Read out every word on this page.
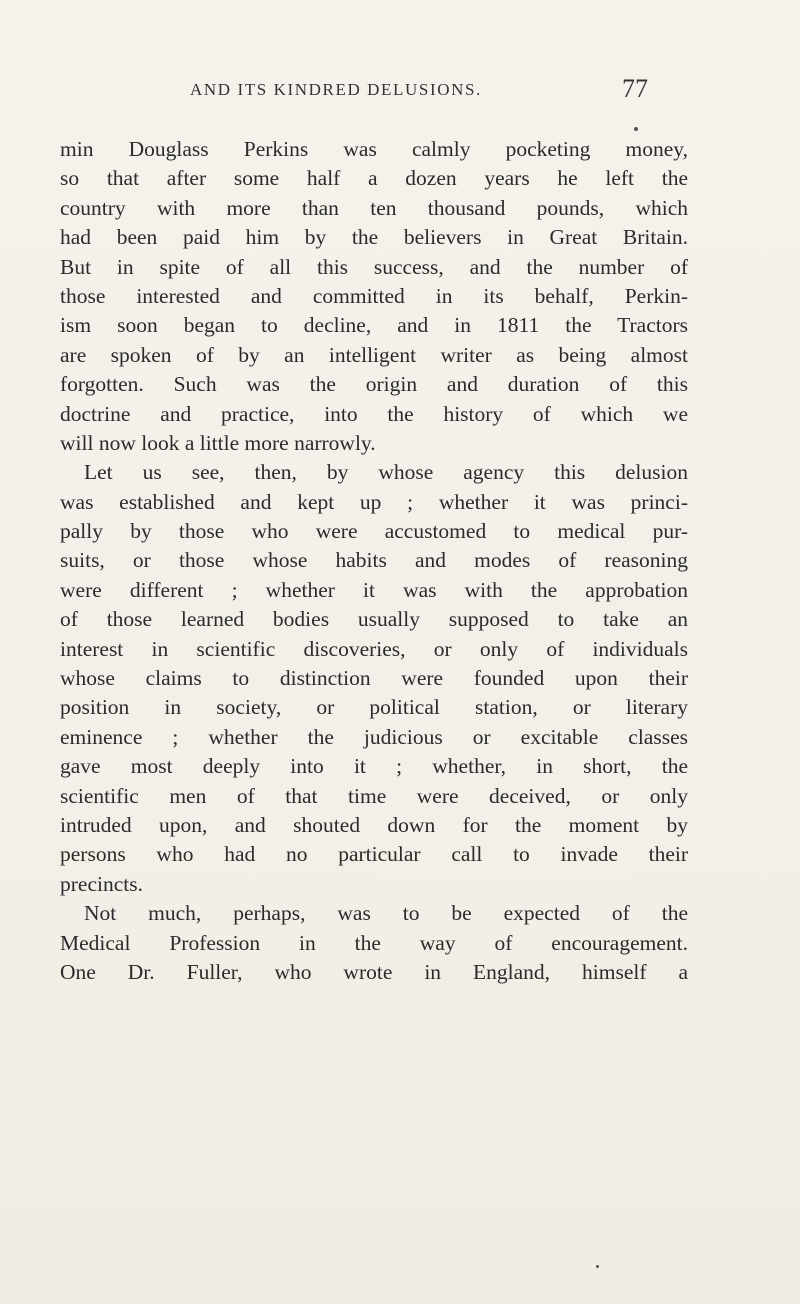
AND ITS KINDRED DELUSIONS.	77
min Douglass Perkins was calmly pocketing money,
so that after some half a dozen years he left the
country with more than ten thousand pounds, which
had been paid him by the believers in Great Britain.
But in spite of all this success, and the number of
those interested and committed in its behalf, Perkin-
ism soon began to decline, and in 1811 the Tractors
are spoken of by an intelligent writer as being almost
forgotten. Such was the origin and duration of this
doctrine and practice, into the history of which we
will now look a little more narrowly.
Let us see, then, by whose agency this delusion
was established and kept up ; whether it was princi-
pally by those who were accustomed to medical pur-
suits, or those whose habits and modes of reasoning
were different ; whether it was with the approbation
of those learned bodies usually supposed to take an
interest in scientific discoveries, or only of individuals
whose claims to distinction were founded upon their
position in society, or political station, or literary
eminence ; whether the judicious or excitable classes
gave most deeply into it ; whether, in short, the
scientific men of that time were deceived, or only
intruded upon, and shouted down for the moment by
persons who had no particular call to invade their
precincts.
Not much, perhaps, was to be expected of the
Medical Profession in the way of encouragement.
One Dr. Fuller, who wrote in England, himself a
